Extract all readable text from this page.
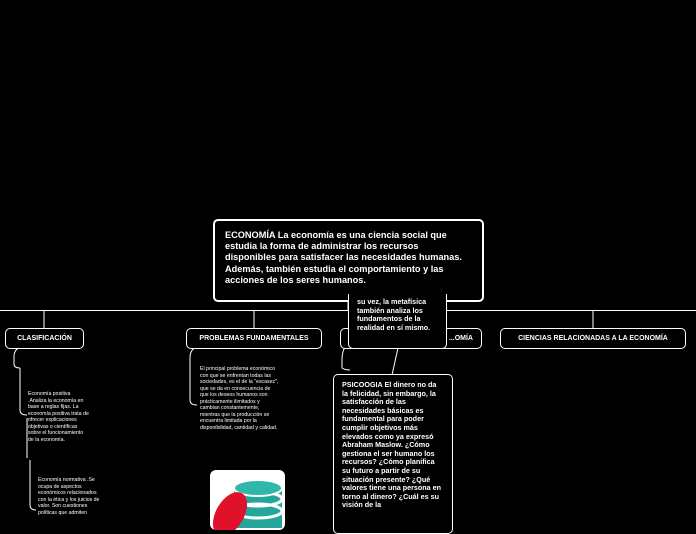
ECONOMÍA La economía es una ciencia social que estudia la forma de administrar los recursos disponibles para satisfacer las necesidades humanas. Además, también estudia el comportamiento y las acciones de los seres humanos.
CLASIFICACIÓN	PROBLEMAS FUNDAMENTALES	...OMÍA	CIENCIAS RELACIONADAS A LA ECONOMÍA
su vez, la metafísica también analiza los fundamentos de la realidad en sí mismo.
PSICOOGIA El dinero no da la felicidad, sin embargo, la satisfacción de las necesidades básicas es fundamental para poder cumplir objetivos más elevados como ya expresó Abraham Maslow. ¿Cómo gestiona el ser humano los recursos? ¿Cómo planifica su futuro a partir de su situación presente? ¿Qué valores tiene una persona en torno al dinero? ¿Cuál es su visión de la
Economía positiva .Analiza la economía en base a reglas fijas. La economía positiva trata de ofrecer explicaciones objetivas o científicas sobre el funcionamiento de la economía.
Economía normativa .Se ocupa de aspectos económicos relacionados con la ética y los juicios de valor. Son cuestiones políticas que admiten
El principal problema económico con que se enfrentan todas las sociedades, es el de la "escasez", que se da en consecuencia de que los deseos humanos son prácticamente ilimitados y cambian constantemente, mientras que la producción se encuentra limitada por la disponibilidad, cantidad y calidad.
